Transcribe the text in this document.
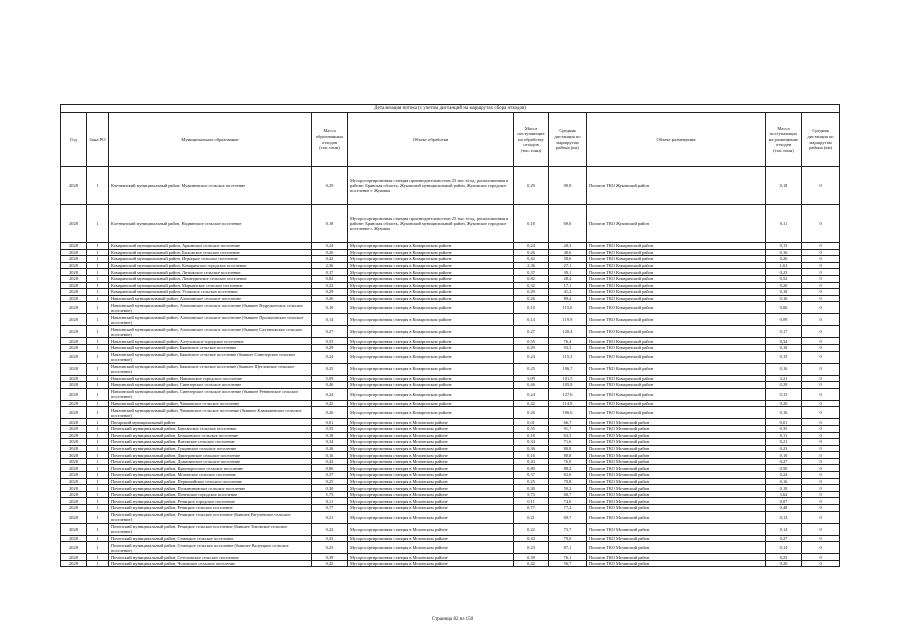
Детализация потока (с учетом дистанций на маршрутах сбора отходов)									
Год	Зона РО	Муниципальное образование	Масса образованных отходов (тыс.тонн)	Объект обработки	Масса поступающих на обработку отходов (тыс.тонн)	Средняя дистанция по маршрутам района (км)	Объект размещения	Масса поступающих на размещение отходов (тыс.тонн)	Средняя дистанция по маршрутам района (км)
2028	1	Клетнянский муниципальный район, Мужиновское сельское поселение	0,29	Мусоросортировочная станция производительностью 25 тыс.т/год, расположенная в районе: Брянская область, Жуковский муниципальный район, Жуковское городское поселение г. Жуковка	0,29	90,9	Полигон ТКО Жуковский район	0,18	0
2028	1	Клетнянский муниципальный район, Надвинское сельское поселение	0,18	Мусоросортировочная станция производительностью 25 тыс.т/год, расположенная в районе: Брянская область, Жуковский муниципальный район, Жуковское городское поселение г. Жуковка	0,18	69,0	Полигон ТКО Жуковский район	0,11	0
2028	1	Комаричский муниципальный район, Аркинское сельское поселение	0,24	Мусоросортировочная станция в Комаричском районе	0,24	28,3	Полигон ТКО Комаричский район	0,15	0
2028	1	Комаричский муниципальный район, Быховское сельское поселение	0,26	Мусоросортировочная станция в Комаричском районе	0,26	40,6	Полигон ТКО Комаричский район	0,16	0
2028	1	Комаричский муниципальный район, Игрицкое сельское поселение	0,42	Мусоросортировочная станция в Комаричском районе	0,42	58,6	Полигон ТКО Комаричский район	0,26	0
2028	1	Комаричский муниципальный район, Комаричское городское поселение	2,36	Мусоросортировочная станция в Комаричском районе	2,36	27,1	Полигон ТКО Комаричский район	1,61	0
2028	1	Комаричский муниципальный район, Литижское сельское поселение	0,37	Мусоросортировочная станция в Комаричском районе	0,37	39,1	Полигон ТКО Комаричский район	0,23	0
2028	1	Комаричский муниципальный район, Лопандинское сельское поселение	0,82	Мусоросортировочная станция в Комаричском районе	0,82	28,4	Полигон ТКО Комаричский район	0,52	0
2028	1	Комаричский муниципальный район, Марьинское сельское поселение	0,32	Мусоросортировочная станция в Комаричском районе	0,32	17,1	Полигон ТКО Комаричский район	0,20	0
2028	1	Комаричский муниципальный район, Усожское сельское поселение	0,29	Мусоросортировочная станция в Комаричском районе	0,29	41,2	Полигон ТКО Комаричский район	0,18	0
2028	1	Навлинский муниципальный район, Алешинское сельское поселение	0,26	Мусоросортировочная станция в Комаричском районе	0,26	89,4	Полигон ТКО Комаричский район	0,16	0
2028	1	Навлинский муниципальный район, Алешинское сельское поселение (бывшее Вздруженское сельское поселение)	0,10	Мусоросортировочная станция в Комаричском районе	0,10	115,6	Полигон ТКО Комаричский район	0,06	0
2028	1	Навлинский муниципальный район, Алешинское сельское поселение (бывшее Пролысовское сельское поселение)	0,14	Мусоросортировочная станция в Комаричском районе	0,14	119,9	Полигон ТКО Комаричский район	0,09	0
2028	1	Навлинский муниципальный район, Алешинское сельское поселение (бывшее Салтановское сельское поселение)	0,27	Мусоросортировочная станция в Комаричском районе	0,27	120,4	Полигон ТКО Комаричский район	0,17	0
2028	1	Навлинский муниципальный район, Алтуховское городское поселение	0,55	Мусоросортировочная станция в Комаричском районе	0,55	76,4	Полигон ТКО Комаричский район	0,34	0
2028	1	Навлинский муниципальный район, Бяковское сельское поселение	0,29	Мусоросортировочная станция в Комаричском районе	0,29	93,5	Полигон ТКО Комаричский район	0,18	0
2028	1	Навлинский муниципальный район, Бяковское сельское поселение (бывшее Синезерское сельское поселение)	0,24	Мусоросортировочная станция в Комаричском районе	0,24	115,3	Полигон ТКО Комаричский район	0,15	0
2028	1	Навлинский муниципальный район, Бяковское сельское поселение (бывшее Щегловское сельское поселение)	0,25	Мусоросортировочная станция в Комаричском районе	0,25	106,7	Полигон ТКО Комаричский район	0,16	0
2028	1	Навлинский муниципальный район, Навлинское городское поселение	5,09	Мусоросортировочная станция в Комаричском районе	5,09	101,5	Полигон ТКО Комаричский район	3,21	0
2028	1	Навлинский муниципальный район, Синезерское сельское поселение	0,46	Мусоросортировочная станция в Комаричском районе	0,46	105,8	Полигон ТКО Комаричский район	0,29	0
2028	1	Навлинский муниципальный район, Синезерское сельское поселение (бывшее Ревнинское сельское поселение)	0,24	Мусоросортировочная станция в Комаричском районе	0,24	127,6	Полигон ТКО Комаричский район	0,15	0
2028	1	Навлинский муниципальный район, Чичковское сельское поселение	0,42	Мусоросортировочная станция в Комаричском районе	0,42	114,9	Полигон ТКО Комаричский район	0,26	0
2028	1	Навлинский муниципальный район, Чичковское сельское поселение (бывшее Клюковенское сельское поселение)	0,26	Мусоросортировочная станция в Комаричском районе	0,26	106,6	Полигон ТКО Комаричский район	0,16	0
2028	1	Погарский муниципальный район	0,01	Мусоросортировочная станция в Мглинском районе	0,01	66,7	Полигон ТКО Мглинский район	0,01	0
2028	1	Почепский муниципальный район, Бакланское сельское поселение	0,55	Мусоросортировочная станция в Мглинском районе	0,55	91,7	Полигон ТКО Мглинский район	0,35	0
2028	1	Почепский муниципальный район, Бельковское сельское поселение	0,18	Мусоросортировочная станция в Мглинском районе	0,18	63,5	Полигон ТКО Мглинский район	0,11	0
2028	1	Почепский муниципальный район, Витовское сельское поселение	0,34	Мусоросортировочная станция в Мглинском районе	0,34	71,6	Полигон ТКО Мглинский район	0,21	0
2028	1	Почепский муниципальный район, Гущинское сельское поселение	0,36	Мусоросортировочная станция в Мглинском районе	0,36	80,8	Полигон ТКО Мглинский район	0,23	0
2028	1	Почепский муниципальный район, Дмитровское сельское поселение	0,16	Мусоросортировочная станция в Мглинском районе	0,16	80,8	Полигон ТКО Мглинский район	0,10	0
2028	1	Почепский муниципальный район, Доманичское сельское поселение	0,43	Мусоросортировочная станция в Мглинском районе	0,43	76,9	Полигон ТКО Мглинский район	0,27	0
2028	1	Почепский муниципальный район, Краснорогское сельское поселение	0,80	Мусоросортировочная станция в Мглинском районе	0,80	88,2	Полигон ТКО Мглинский район	0,50	0
2028	1	Почепский муниципальный район, Мглинское сельское поселение	0,37	Мусоросортировочная станция в Мглинском районе	0,37	82,6	Полигон ТКО Мглинский район	0,24	0
2028	1	Почепский муниципальный район, Первомайское сельское поселение	0,25	Мусоросортировочная станция в Мглинском районе	0,25	70,8	Полигон ТКО Мглинский район	0,16	0
2028	1	Почепский муниципальный район, Полыниновское сельское поселение	0,30	Мусоросортировочная станция в Мглинском районе	0,30	50,2	Полигон ТКО Мглинский район	0,19	0
2028	1	Почепский муниципальный район, Почепское городское поселение	5,73	Мусоросортировочная станция в Мглинском районе	5,73	68,7	Полигон ТКО Мглинский район	3,62	0
2028	1	Почепский муниципальный район, Речицкое городское поселение	0,11	Мусоросортировочная станция в Мглинском районе	0,11	74,0	Полигон ТКО Мглинский район	0,07	0
2028	1	Почепский муниципальный район, Речицкое сельское поселение	0,77	Мусоросортировочная станция в Мглинском районе	0,77	77,2	Полигон ТКО Мглинский район	0,48	0
2028	1	Почепский муниципальный район, Речицкое сельское поселение (бывшее Рагулевское сельское поселение)	0,21	Мусоросортировочная станция в Мглинском районе	0,21	69,7	Полигон ТКО Мглинский район	0,13	0
2028	1	Почепский муниципальный район, Речицкое сельское поселение (бывшее Титовское сельское поселение)	0,22	Мусоросортировочная станция в Мглинском районе	0,22	75,7	Полигон ТКО Мглинский район	0,14	0
2028	1	Почепский муниципальный район, Семецкое сельское поселение	0,43	Мусоросортировочная станция в Мглинском районе	0,43	79,0	Полигон ТКО Мглинский район	0,27	0
2028	1	Почепский муниципальный район, Семецкое сельское поселение (бывшее Валуецкое сельское поселение)	0,23	Мусоросортировочная станция в Мглинском районе	0,23	87,1	Полигон ТКО Мглинский район	0,14	0
2028	1	Почепский муниципальный район, Сетоловское сельское поселение	0,39	Мусоросортировочная станция в Мглинском районе	0,39	76,1	Полигон ТКО Мглинский район	0,25	0
2028	1	Почепский муниципальный район, Чоповское сельское поселение	0,42	Мусоросортировочная станция в Мглинском районе	0,42	56,7	Полигон ТКО Мглинский район	0,26	0
Страница 82 из 150
